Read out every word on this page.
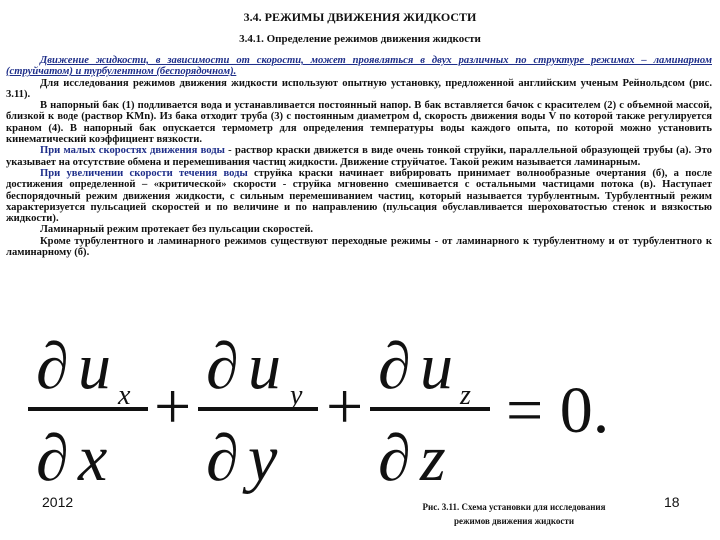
3.4. РЕЖИМЫ ДВИЖЕНИЯ ЖИДКОСТИ
3.4.1. Определение режимов движения жидкости

Движение жидкости, в зависимости от скорости, может проявляться в двух различных по структуре режимах – ламинарном (струйчатом) и турбулентном (беспорядочном).

Для исследования режимов движения жидкости используют опытную установку, предложенной английским ученым Рейнольдсом (рис. 3.11).

В напорный бак (1) подливается вода и устанавливается постоянный напор. В бак вставляется бачок с красителем (2) с объемной массой, близкой к воде (раствор KMn). Из бака отходит труба (3) с постоянным диаметром d, скорость движения воды V по которой также регулируется краном (4). В напорный бак опускается термометр для определения температуры воды каждого опыта, по которой можно установить кинематический коэффициент вязкости.

При малых скоростях движения воды - раствор краски движется в виде очень тонкой струйки, параллельной образующей трубы (а). Это указывает на отсутствие обмена и перемешивания частиц жидкости. Движение струйчатое. Такой режим называется ламинарным.

При увеличении скорости течения воды струйка краски начинает вибрировать принимает волнообразные очертания (б), а после достижения определенной – «критической» скорости - струйка мгновенно смешивается с остальными частицами потока (в). Наступает беспорядочный режим движения жидкости, с сильным перемешиванием частиц, который называется турбулентным. Турбулентный режим характеризуется пульсацией скоростей и по величине и по направлению (пульсация обуславливается шероховатостью стенок и вязкостью жидкости).

Ламинарный режим протекает без пульсации скоростей.

Кроме турбулентного и ламинарного режимов существуют переходные режимы - от ламинарного к турбулентному и от турбулентного к ламинарному (б).

∂ u x
∂ x
+
∂ u y
∂ y
+
∂ u z
∂ z
= 0.
2012	Рис. 3.11. Схема установки для исследования
режимов движения жидкости
18
